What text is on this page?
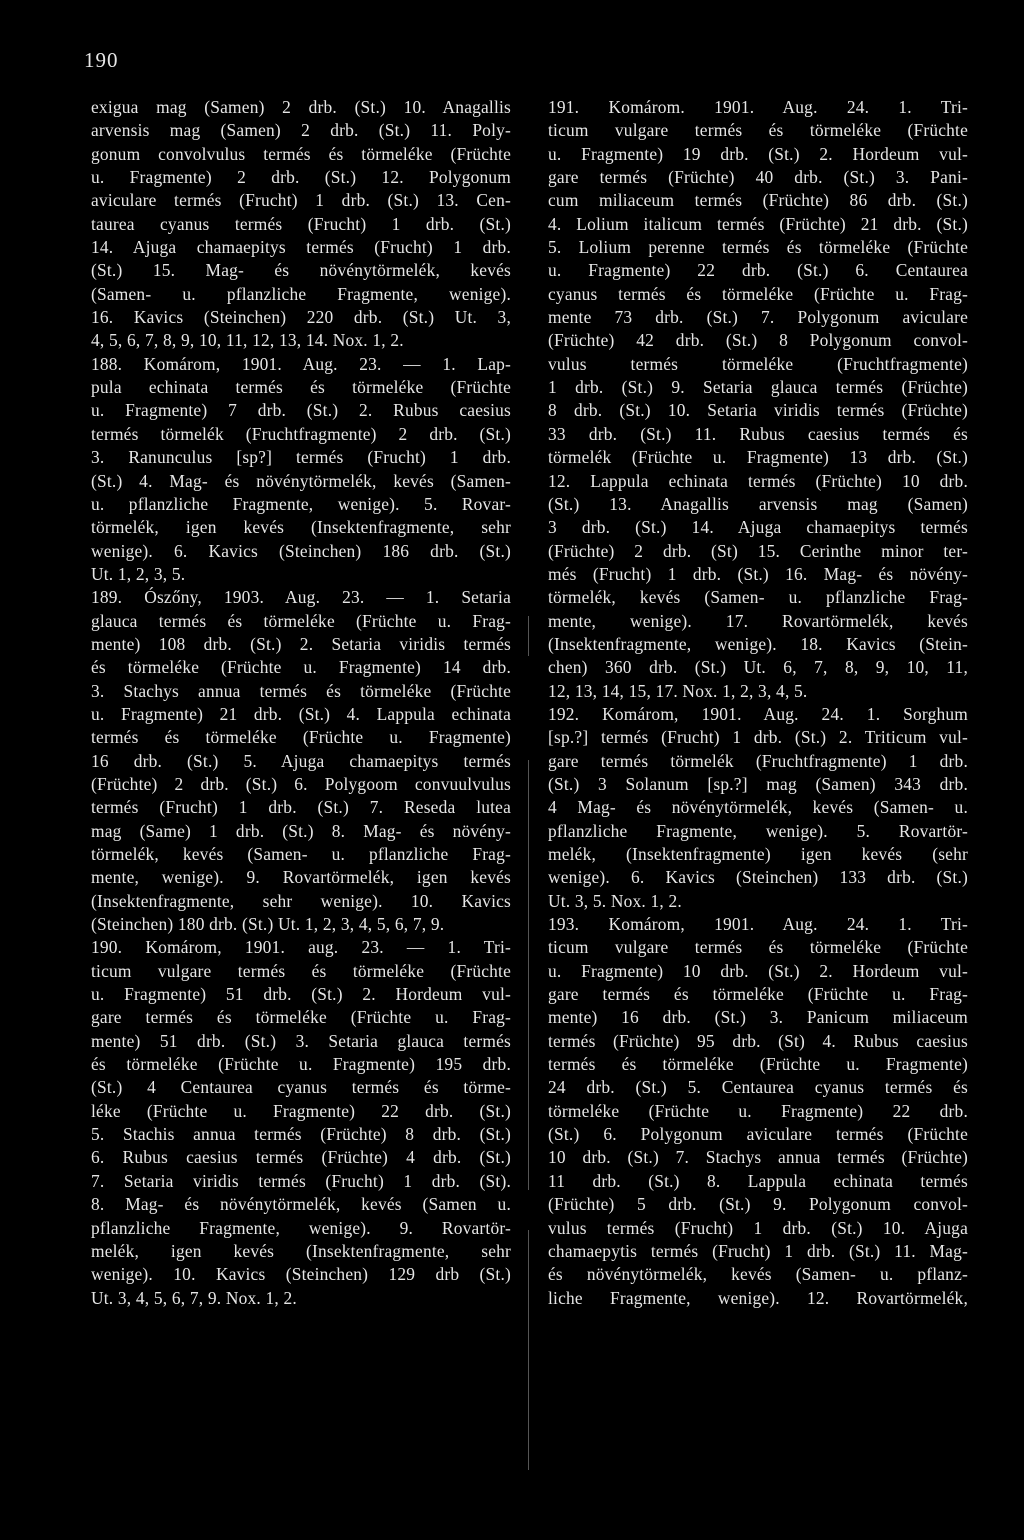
190
exigua mag (Samen) 2 drb. (St.) 10. Anagallis
arvensis mag (Samen) 2 drb. (St.) 11. Poly-
gonum convolvulus termés és törmeléke (Früchte
u. Fragmente) 2 drb. (St.) 12. Polygonum
aviculare termés (Frucht) 1 drb. (St.) 13. Cen-
taurea cyanus termés (Frucht) 1 drb. (St.)
14. Ajuga chamaepitys termés (Frucht) 1 drb.
(St.) 15. Mag- és növénytörmelék, kevés
(Samen- u. pflanzliche Fragmente, wenige).
16. Kavics (Steinchen) 220 drb. (St.) Ut. 3,
4, 5, 6, 7, 8, 9, 10, 11, 12, 13, 14. Nox. 1, 2.
188. Komárom, 1901. Aug. 23. — 1. Lap-
pula echinata termés és törmeléke (Früchte
u. Fragmente) 7 drb. (St.) 2. Rubus caesius
termés törmelék (Fruchtfragmente) 2 drb. (St.)
3. Ranunculus [sp?] termés (Frucht) 1 drb.
(St.) 4. Mag- és növénytörmelék, kevés (Samen-
u. pflanzliche Fragmente, wenige). 5. Rovar-
törmelék, igen kevés (Insektenfragmente, sehr
wenige). 6. Kavics (Steinchen) 186 drb. (St.)
Ut. 1, 2, 3, 5.
189. Ószőny, 1903. Aug. 23. — 1. Setaria
glauca termés és törmeléke (Früchte u. Frag-
mente) 108 drb. (St.) 2. Setaria viridis termés
és törmeléke (Früchte u. Fragmente) 14 drb.
3. Stachys annua termés és törmeléke (Früchte
u. Fragmente) 21 drb. (St.) 4. Lappula echinata
termés és törmeléke (Früchte u. Fragmente)
16 drb. (St.) 5. Ajuga chamaepitys termés
(Früchte) 2 drb. (St.) 6. Polygoom convuulvulus
termés (Frucht) 1 drb. (St.) 7. Reseda lutea
mag (Same) 1 drb. (St.) 8. Mag- és növény-
törmelék, kevés (Samen- u. pflanzliche Frag-
mente, wenige). 9. Rovartörmelék, igen kevés
(Insektenfragmente, sehr wenige). 10. Kavics
(Steinchen) 180 drb. (St.) Ut. 1, 2, 3, 4, 5, 6, 7, 9.
190. Komárom, 1901. aug. 23. — 1. Tri-
ticum vulgare termés és törmeléke (Früchte
u. Fragmente) 51 drb. (St.) 2. Hordeum vul-
gare termés és törmeléke (Früchte u. Frag-
mente) 51 drb. (St.) 3. Setaria glauca termés
és törmeléke (Früchte u. Fragmente) 195 drb.
(St.) 4 Centaurea cyanus termés és törme-
léke (Früchte u. Fragmente) 22 drb. (St.)
5. Stachis annua termés (Früchte) 8 drb. (St.)
6. Rubus caesius termés (Früchte) 4 drb. (St.)
7. Setaria viridis termés (Frucht) 1 drb. (St).
8. Mag- és növénytörmelék, kevés (Samen u.
pflanzliche Fragmente, wenige). 9. Rovartör-
melék, igen kevés (Insektenfragmente, sehr
wenige). 10. Kavics (Steinchen) 129 drb (St.)
Ut. 3, 4, 5, 6, 7, 9. Nox. 1, 2.
191. Komárom. 1901. Aug. 24. 1. Tri-
ticum vulgare termés és törmeléke (Früchte
u. Fragmente) 19 drb. (St.) 2. Hordeum vul-
gare termés (Früchte) 40 drb. (St.) 3. Pani-
cum miliaceum termés (Früchte) 86 drb. (St.)
4. Lolium italicum termés (Früchte) 21 drb. (St.)
5. Lolium perenne termés és törmeléke (Früchte
u. Fragmente) 22 drb. (St.) 6. Centaurea
cyanus termés és törmeléke (Früchte u. Frag-
mente 73 drb. (St.) 7. Polygonum aviculare
(Früchte) 42 drb. (St.) 8 Polygonum convol-
vulus termés törmeléke (Fruchtfragmente)
1 drb. (St.) 9. Setaria glauca termés (Früchte)
8 drb. (St.) 10. Setaria viridis termés (Früchte)
33 drb. (St.) 11. Rubus caesius termés és
törmelék (Früchte u. Fragmente) 13 drb. (St.)
12. Lappula echinata termés (Früchte) 10 drb.
(St.) 13. Anagallis arvensis mag (Samen)
3 drb. (St.) 14. Ajuga chamaepitys termés
(Früchte) 2 drb. (St) 15. Cerinthe minor ter-
més (Frucht) 1 drb. (St.) 16. Mag- és növény-
törmelék, kevés (Samen- u. pflanzliche Frag-
mente, wenige). 17. Rovartörmelék, kevés
(Insektenfragmente, wenige). 18. Kavics (Stein-
chen) 360 drb. (St.) Ut. 6, 7, 8, 9, 10, 11,
12, 13, 14, 15, 17. Nox. 1, 2, 3, 4, 5.
192. Komárom, 1901. Aug. 24. 1. Sorghum
[sp.?] termés (Frucht) 1 drb. (St.) 2. Triticum vul-
gare termés törmelék (Fruchtfragmente) 1 drb.
(St.) 3 Solanum [sp.?] mag (Samen) 343 drb.
4 Mag- és növénytörmelék, kevés (Samen- u.
pflanzliche Fragmente, wenige). 5. Rovartör-
melék, (Insektenfragmente) igen kevés (sehr
wenige). 6. Kavics (Steinchen) 133 drb. (St.)
Ut. 3, 5. Nox. 1, 2.
193. Komárom, 1901. Aug. 24. 1. Tri-
ticum vulgare termés és törmeléke (Früchte
u. Fragmente) 10 drb. (St.) 2. Hordeum vul-
gare termés és törmeléke (Früchte u. Frag-
mente) 16 drb. (St.) 3. Panicum miliaceum
termés (Früchte) 95 drb. (St) 4. Rubus caesius
termés és törmeléke (Früchte u. Fragmente)
24 drb. (St.) 5. Centaurea cyanus termés és
törmeléke (Früchte u. Fragmente) 22 drb.
(St.) 6. Polygonum aviculare termés (Früchte
10 drb. (St.) 7. Stachys annua termés (Früchte)
11 drb. (St.) 8. Lappula echinata termés
(Früchte) 5 drb. (St.) 9. Polygonum convol-
vulus termés (Frucht) 1 drb. (St.) 10. Ajuga
chamaepytis termés (Frucht) 1 drb. (St.) 11. Mag-
és növénytörmelék, kevés (Samen- u. pflanz-
liche Fragmente, wenige). 12. Rovartörmelék,
